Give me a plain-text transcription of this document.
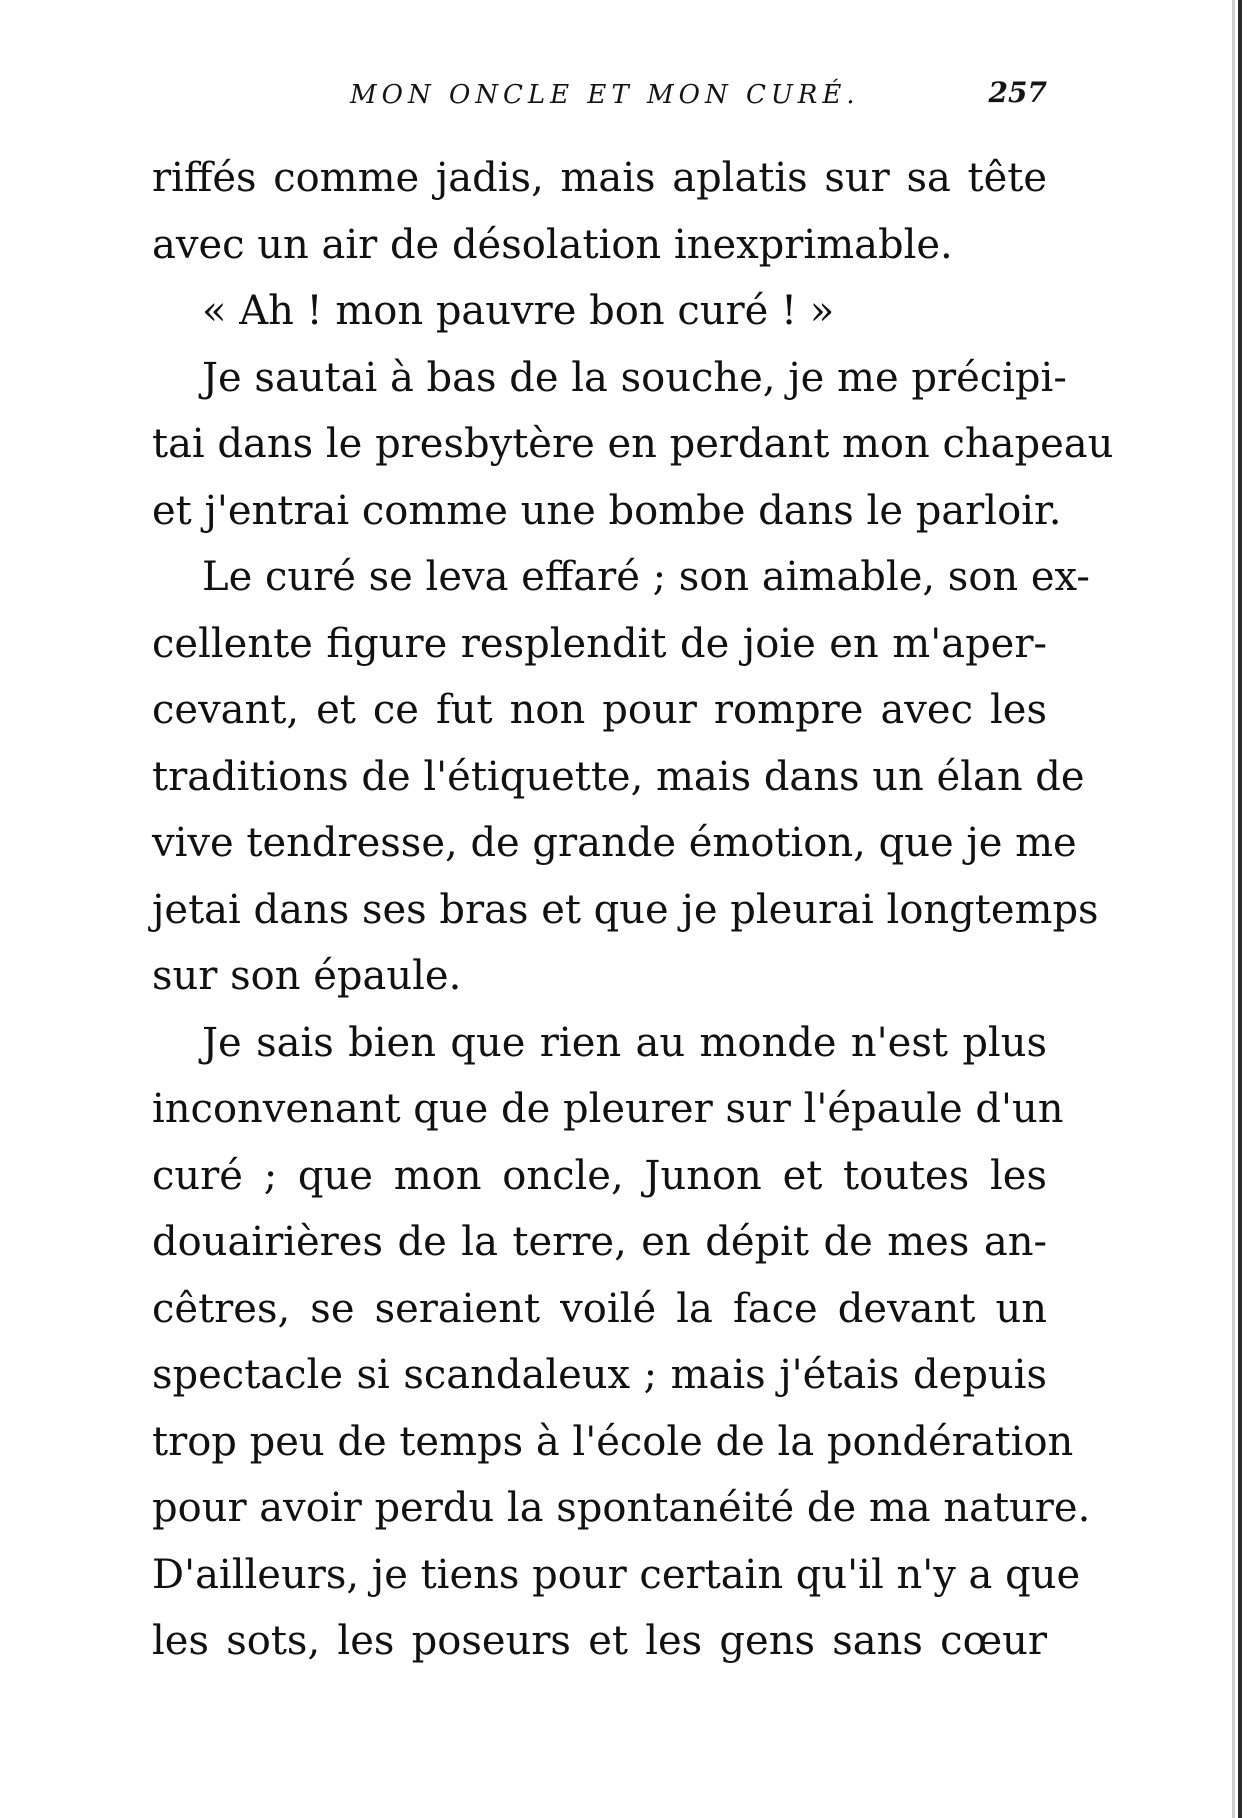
MON ONCLE ET MON CURÉ.	257
riffés comme jadis, mais aplatis sur sa tête
avec un air de désolation inexprimable.
« Ah ! mon pauvre bon curé ! »
Je sautai à bas de la souche, je me précipi-
tai dans le presbytère en perdant mon chapeau
et j'entrai comme une bombe dans le parloir.
Le curé se leva effaré ; son aimable, son ex-
cellente figure resplendit de joie en m'aper-
cevant, et ce fut non pour rompre avec les
traditions de l'étiquette, mais dans un élan de
vive tendresse, de grande émotion, que je me
jetai dans ses bras et que je pleurai longtemps
sur son épaule.
Je sais bien que rien au monde n'est plus
inconvenant que de pleurer sur l'épaule d'un
curé ; que mon oncle, Junon et toutes les
douairières de la terre, en dépit de mes an-
cêtres, se seraient voilé la face devant un
spectacle si scandaleux ; mais j'étais depuis
trop peu de temps à l'école de la pondération
pour avoir perdu la spontanéité de ma nature.
D'ailleurs, je tiens pour certain qu'il n'y a que
les sots, les poseurs et les gens sans cœur
